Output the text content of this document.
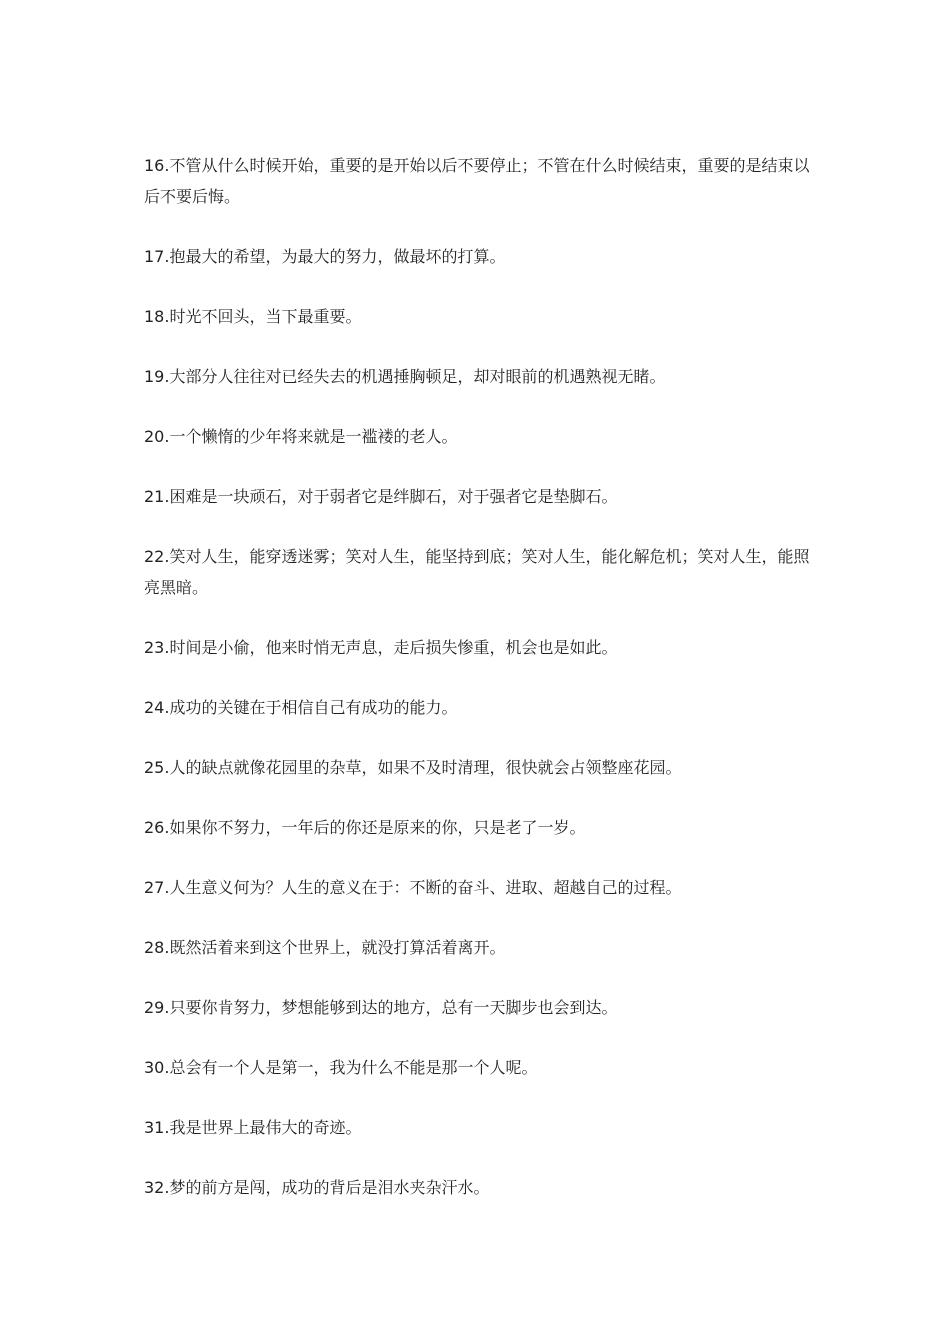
16.不管从什么时候开始，重要的是开始以后不要停止；不管在什么时候结束，重要的是结束以后不要后悔。

17.抱最大的希望，为最大的努力，做最坏的打算。

18.时光不回头，当下最重要。

19.大部分人往往对已经失去的机遇捶胸顿足，却对眼前的机遇熟视无睹。

20.一个懒惰的少年将来就是一褴褛的老人。

21.困难是一块顽石，对于弱者它是绊脚石，对于强者它是垫脚石。

22.笑对人生，能穿透迷雾；笑对人生，能坚持到底；笑对人生，能化解危机；笑对人生，能照亮黑暗。

23.时间是小偷，他来时悄无声息，走后损失惨重，机会也是如此。

24.成功的关键在于相信自己有成功的能力。

25.人的缺点就像花园里的杂草，如果不及时清理，很快就会占领整座花园。

26.如果你不努力，一年后的你还是原来的你，只是老了一岁。

27.人生意义何为？人生的意义在于：不断的奋斗、进取、超越自己的过程。

28.既然活着来到这个世界上，就没打算活着离开。

29.只要你肯努力，梦想能够到达的地方，总有一天脚步也会到达。

30.总会有一个人是第一，我为什么不能是那一个人呢。

31.我是世界上最伟大的奇迹。

32.梦的前方是闯，成功的背后是泪水夹杂汗水。
